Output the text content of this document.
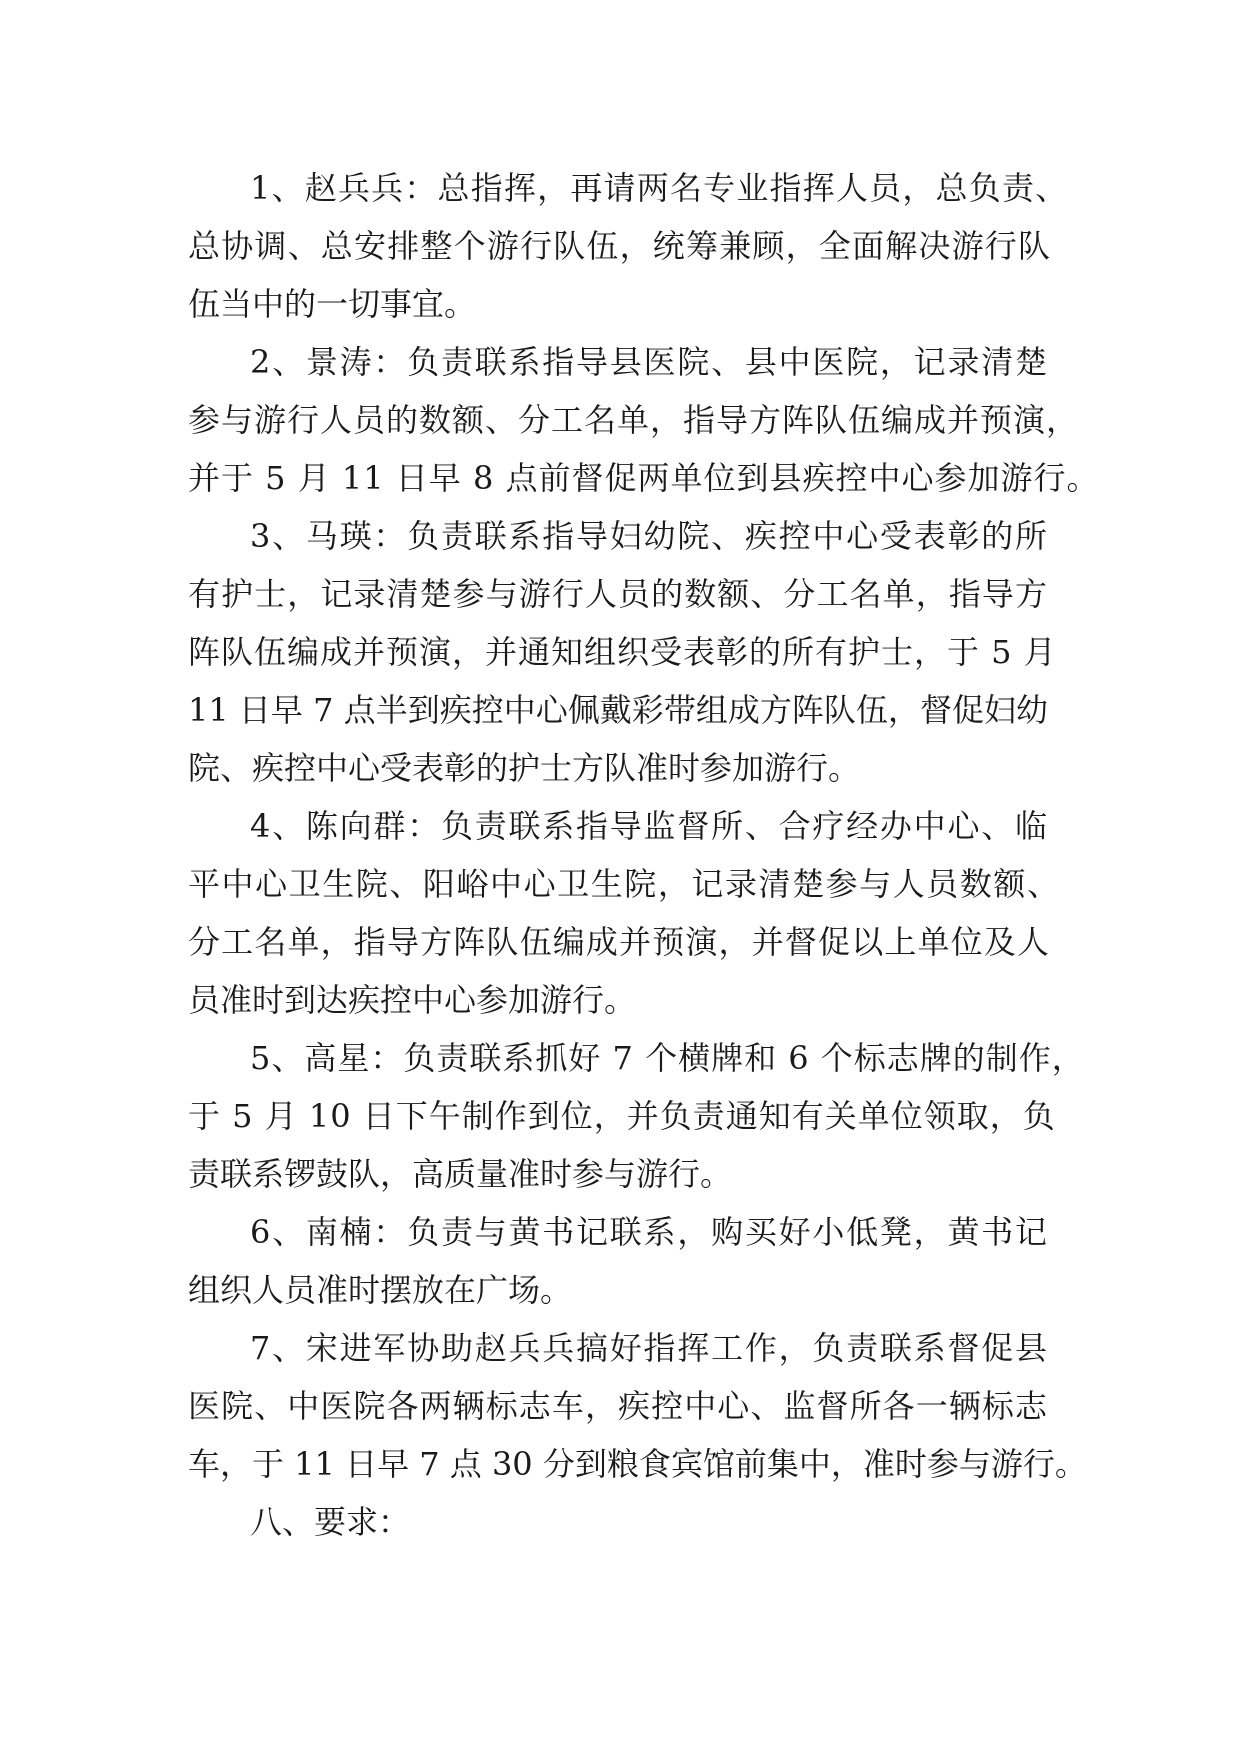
1、赵兵兵：总指挥，再请两名专业指挥人员，总负责、

总协调、总安排整个游行队伍，统筹兼顾，全面解决游行队

伍当中的一切事宜。

2、景涛：负责联系指导县医院、县中医院，记录清楚

参与游行人员的数额、分工名单，指导方阵队伍编成并预演，

并于 5 月 11 日早 8 点前督促两单位到县疾控中心参加游行。

3、马瑛：负责联系指导妇幼院、疾控中心受表彰的所

有护士，记录清楚参与游行人员的数额、分工名单，指导方

阵队伍编成并预演，并通知组织受表彰的所有护士，于 5 月

11 日早 7 点半到疾控中心佩戴彩带组成方阵队伍，督促妇幼

院、疾控中心受表彰的护士方队准时参加游行。

4、陈向群：负责联系指导监督所、合疗经办中心、临

平中心卫生院、阳峪中心卫生院，记录清楚参与人员数额、

分工名单，指导方阵队伍编成并预演，并督促以上单位及人

员准时到达疾控中心参加游行。

5、高星：负责联系抓好 7 个横牌和 6 个标志牌的制作，

于 5 月 10 日下午制作到位，并负责通知有关单位领取，负

责联系锣鼓队，高质量准时参与游行。

6、南楠：负责与黄书记联系，购买好小低凳，黄书记

组织人员准时摆放在广场。

7、宋进军协助赵兵兵搞好指挥工作，负责联系督促县

医院、中医院各两辆标志车，疾控中心、监督所各一辆标志

车，于 11 日早 7 点 30 分到粮食宾馆前集中，准时参与游行。

八、要求：
